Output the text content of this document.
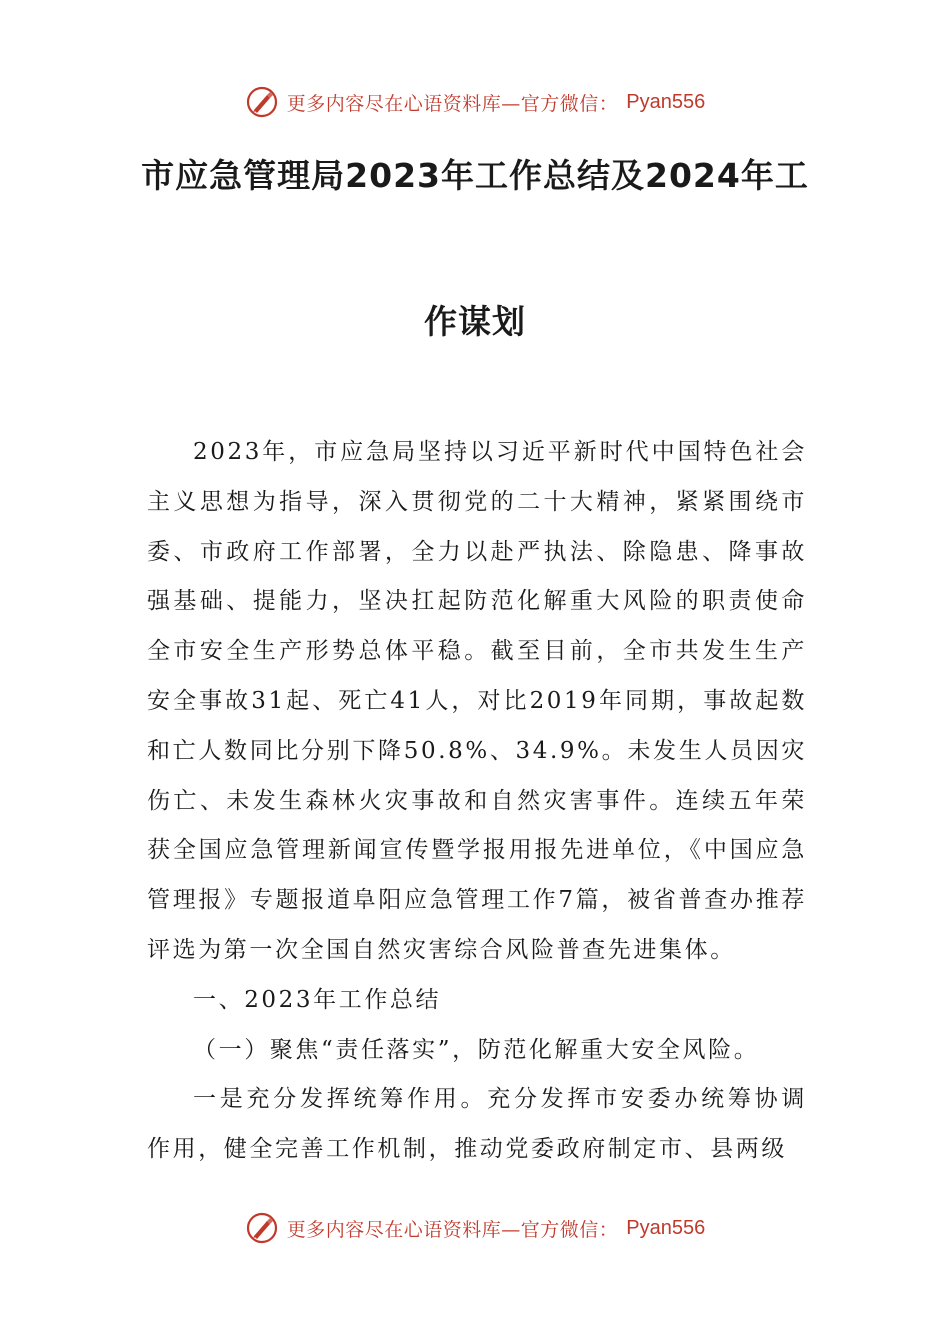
更多内容尽在心语资料库—官方微信： Pyan556
市应急管理局2023年工作总结及2024年工
作谋划

2023年，市应急局坚持以习近平新时代中国特色社会主义思想为指导，深入贯彻党的二十大精神，紧紧围绕市委、市政府工作部署，全力以赴严执法、除隐患、降事故强基础、提能力，坚决扛起防范化解重大风险的职责使命全市安全生产形势总体平稳。截至目前，全市共发生生产安全事故31起、死亡41人，对比2019年同期，事故起数和亡人数同比分别下降50.8%、34.9%。未发生人员因灾伤亡、未发生森林火灾事故和自然灾害事件。连续五年荣获全国应急管理新闻宣传暨学报用报先进单位，《中国应急管理报》专题报道阜阳应急管理工作7篇，被省普查办推荐评选为第一次全国自然灾害综合风险普查先进集体。

一、2023年工作总结

（一）聚焦“责任落实”，防范化解重大安全风险。

一是充分发挥统筹作用。充分发挥市安委办统筹协调作用，健全完善工作机制，推动党委政府制定市、县两级

更多内容尽在心语资料库—官方微信： Pyan556
